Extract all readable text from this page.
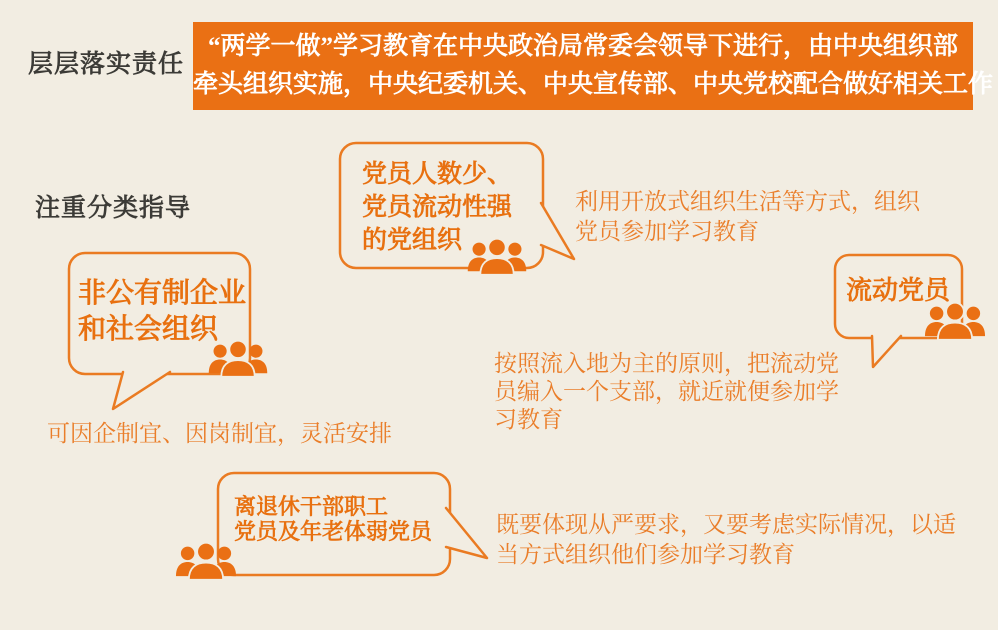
层层落实责任
注重分类指导
“两学一做”学习教育在中央政治局常委会领导下进行，由中央组织部
牵头组织实施，中央纪委机关、中央宣传部、中央党校配合做好相关工作
党员人数少、
党员流动性强
的党组织
利用开放式组织生活等方式，组织
党员参加学习教育
非公有制企业
和社会组织
可因企制宜、因岗制宜，灵活安排
流动党员
按照流入地为主的原则，把流动党
员编入一个支部，就近就便参加学
习教育
离退休干部职工
党员及年老体弱党员	既要体现从严要求，又要考虑实际情况，以适
当方式组织他们参加学习教育
